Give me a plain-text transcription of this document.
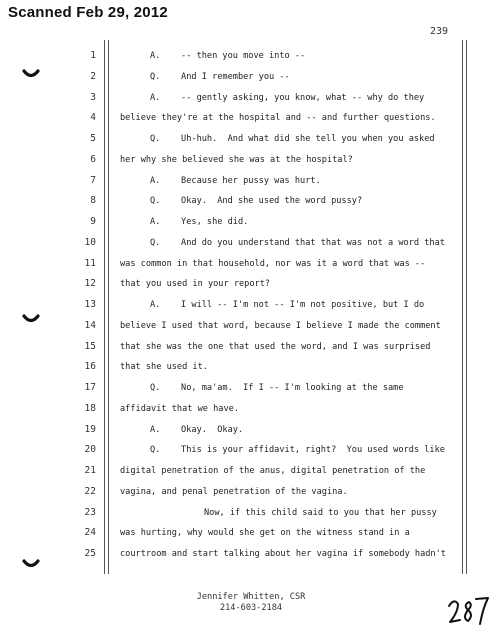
Scanned Feb 29, 2012
239
1	A.    -- then you move into --
2	Q.    And I remember you --
3	A.    -- gently asking, you know, what -- why do they
4	believe they're at the hospital and -- and further questions.
5	Q.    Uh-huh.  And what did she tell you when you asked
6	her why she believed she was at the hospital?
7	A.    Because her pussy was hurt.
8	Q.    Okay.  And she used the word pussy?
9	A.    Yes, she did.
10	Q.    And do you understand that that was not a word that
11	was common in that household, nor was it a word that was --
12	that you used in your report?
13	A.    I will -- I'm not -- I'm not positive, but I do
14	believe I used that word, because I believe I made the comment
15	that she was the one that used the word, and I was surprised
16	that she used it.
17	Q.    No, ma'am.  If I -- I'm looking at the same
18	affidavit that we have.
19	A.    Okay.  Okay.
20	Q.    This is your affidavit, right?  You used words like
21	digital penetration of the anus, digital penetration of the
22	vagina, and penal penetration of the vagina.
23	Now, if this child said to you that her pussy
24	was hurting, why would she get on the witness stand in a
25	courtroom and start talking about her vagina if somebody hadn't
Jennifer Whitten, CSR
214-603-2184
